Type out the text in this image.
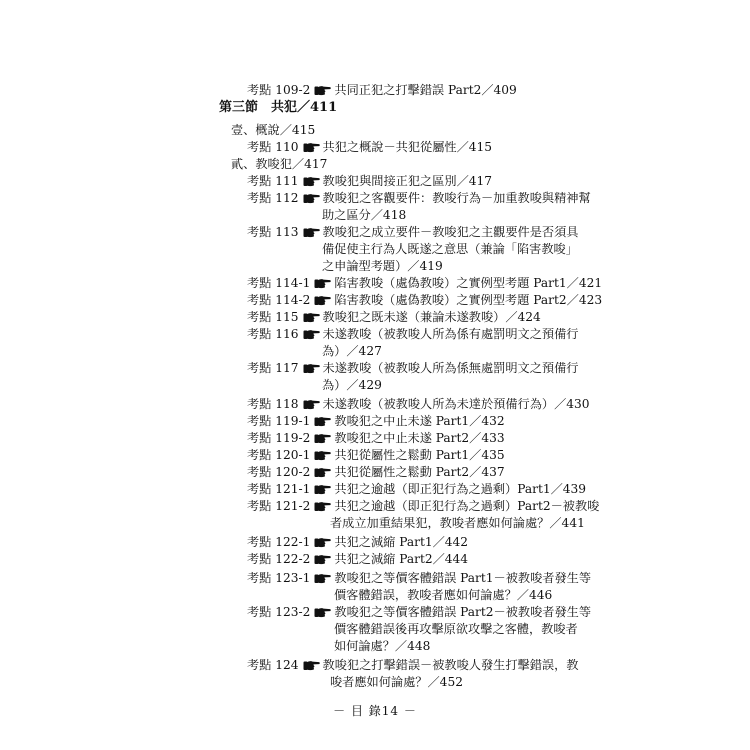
考點 109-2 共同正犯之打擊錯誤 Part2／409
第三節　共犯／411
壹、概說／415
考點 110 共犯之概說－共犯從屬性／415
貳、教唆犯／417
考點 111 教唆犯與間接正犯之區別／417
考點 112 教唆犯之客觀要件：教唆行為－加重教唆與精神幫
助之區分／418
考點 113 教唆犯之成立要件－教唆犯之主觀要件是否須具
備促使主行為人既遂之意思（兼論「陷害教唆」
之申論型考題）／419
考點 114-1 陷害教唆（處偽教唆）之實例型考題 Part1／421
考點 114-2 陷害教唆（處偽教唆）之實例型考題 Part2／423
考點 115 教唆犯之既未遂（兼論未遂教唆）／424
考點 116 未遂教唆（被教唆人所為係有處罰明文之預備行
為）／427
考點 117 未遂教唆（被教唆人所為係無處罰明文之預備行
為）／429
考點 118 未遂教唆（被教唆人所為未達於預備行為）／430
考點 119-1 教唆犯之中止未遂 Part1／432
考點 119-2 教唆犯之中止未遂 Part2／433
考點 120-1 共犯從屬性之鬆動 Part1／435
考點 120-2 共犯從屬性之鬆動 Part2／437
考點 121-1 共犯之逾越（即正犯行為之過剩）Part1／439
考點 121-2 共犯之逾越（即正犯行為之過剩）Part2－被教唆
者成立加重結果犯，教唆者應如何論處？／441
考點 122-1 共犯之減縮 Part1／442
考點 122-2 共犯之減縮 Part2／444
考點 123-1 教唆犯之等價客體錯誤 Part1－被教唆者發生等
價客體錯誤，教唆者應如何論處？／446
考點 123-2 教唆犯之等價客體錯誤 Part2－被教唆者發生等
價客體錯誤後再攻擊原欲攻擊之客體，教唆者
如何論處？／448
考點 124 教唆犯之打擊錯誤－被教唆人發生打擊錯誤，教
唆者應如何論處？／452
－ 目 錄14 －
